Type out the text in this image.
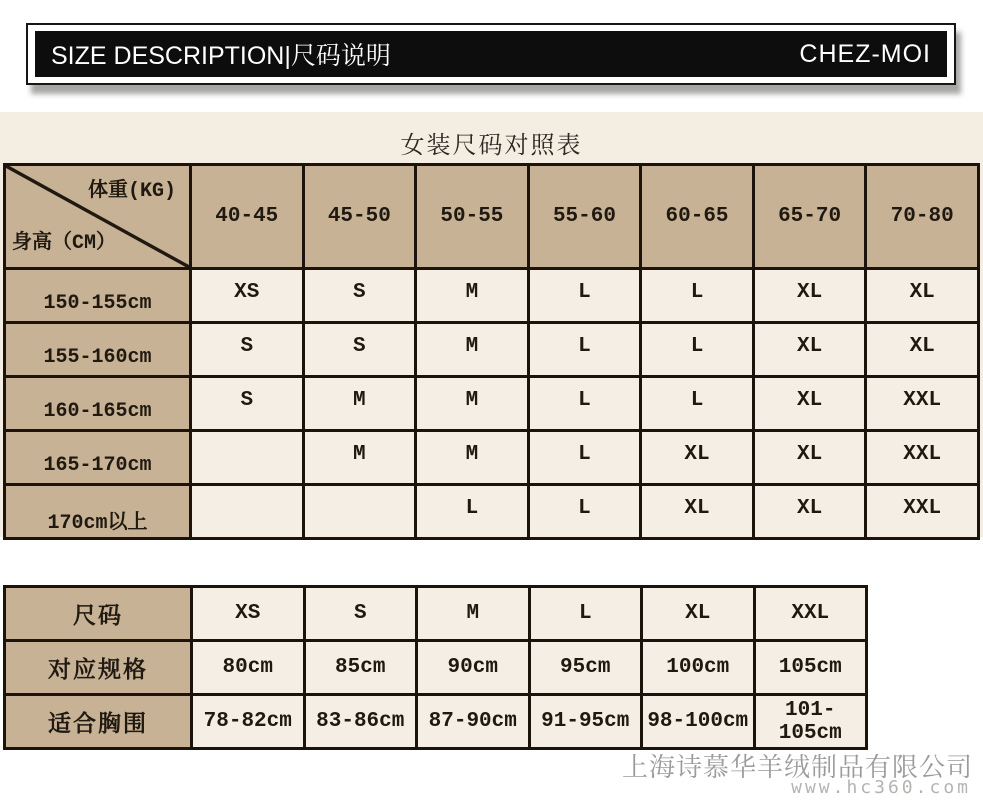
SIZE DESCRIPTION|尺码说明	CHEZ-MOI
女装尺码对照表
体重(KG)
身高（CM）	40-45	45-50	50-55	55-60	60-65	65-70	70-80
150-155cm	XS	S	M	L	L	XL	XL
155-160cm	S	S	M	L	L	XL	XL
160-165cm	S	M	M	L	L	XL	XXL
165-170cm		M	M	L	XL	XL	XXL
170cm以上			L	L	XL	XL	XXL
尺码	XS	S	M	L	XL	XXL
对应规格	80cm	85cm	90cm	95cm	100cm	105cm
适合胸围	78-82cm	83-86cm	87-90cm	91-95cm	98-100cm	101-105cm
上海诗慕华羊绒制品有限公司
www.hc360.com
